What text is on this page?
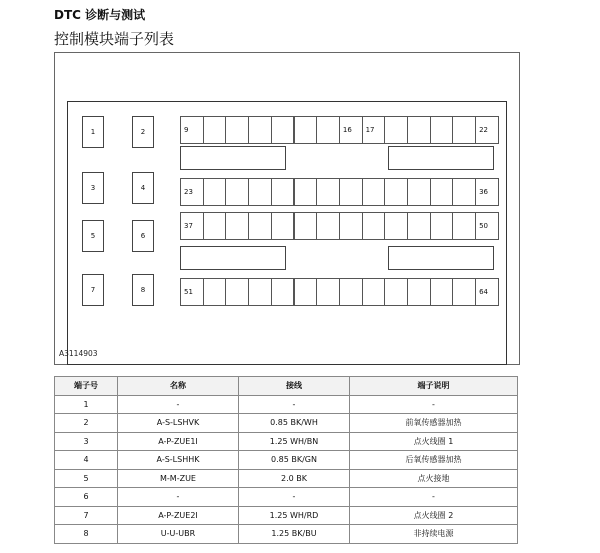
DTC 诊断与测试
控制模块端子列表
1	2
3	4
5	6
7	8
9	16	17	22
23	36
37	50
51	64
A3114903
端子号	名称	接线	端子说明
1	-	-	-
2	A-S-LSHVK	0.85 BK/WH	前氧传感器加热
3	A-P-ZUE1I	1.25 WH/BN	点火线圈 1
4	A-S-LSHHK	0.85 BK/GN	后氧传感器加热
5	M-M-ZUE	2.0 BK	点火接地
6	-	-	-
7	A-P-ZUE2I	1.25 WH/RD	点火线圈 2
8	U-U-UBR	1.25 BK/BU	非持续电源
